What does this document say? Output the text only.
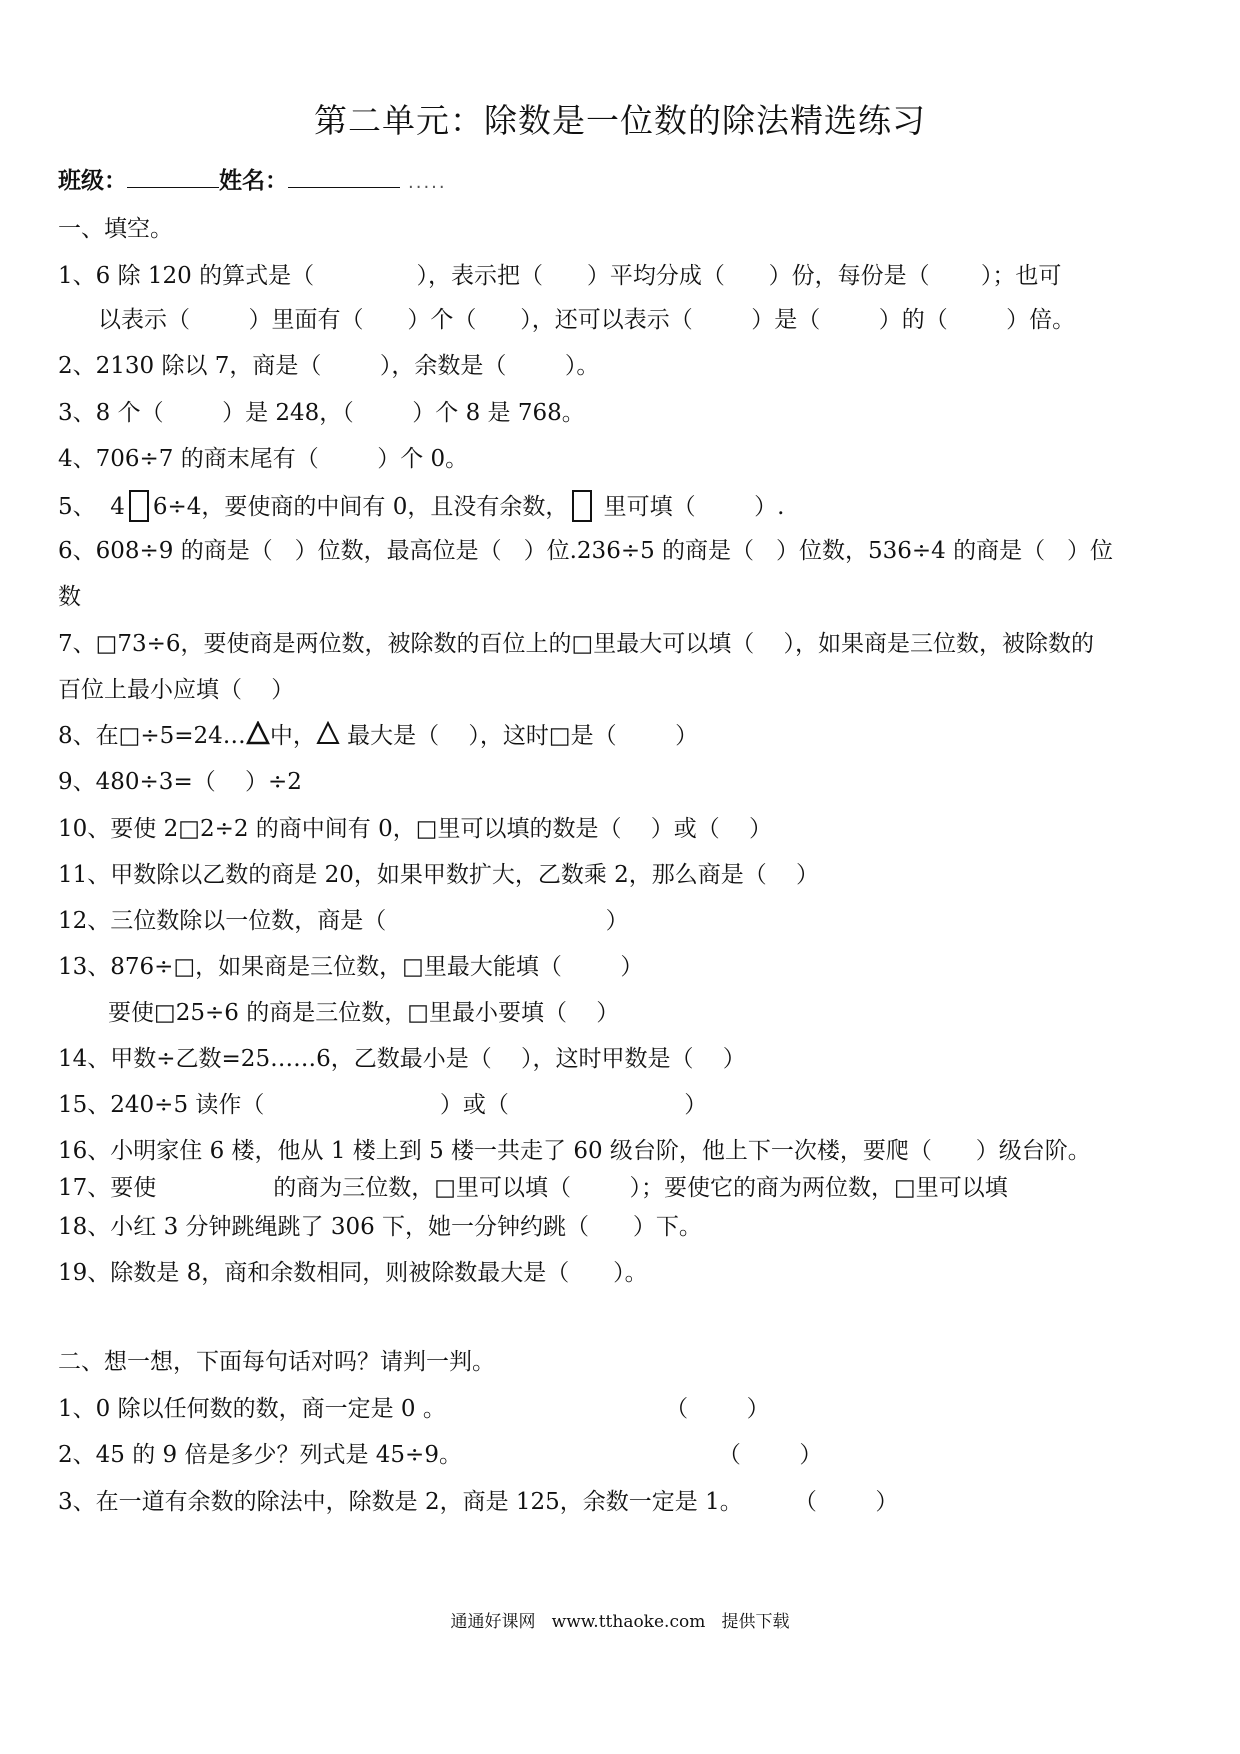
第二单元：除数是一位数的除法精选练习
班级：	姓名：	.....
一、填空。
1、6 除 120 的算式是（              ），表示把（      ）平均分成（      ）份，每份是（       ）；也可
以表示（        ）里面有（      ）个（      ），还可以表示（        ）是（        ）的（        ）倍。
2、2130 除以 7，商是（        ），余数是（        ）。
3、8 个（        ）是 248，（        ）个 8 是 768。
4、706÷7 的商末尾有（        ）个 0。
5、  4 6÷4，要使商的中间有 0，且没有余数， 里可填（        ）.
6、608÷9 的商是（   ）位数，最高位是（   ）位.236÷5 的商是（   ）位数，536÷4 的商是（   ）位
数
7、□73÷6，要使商是两位数，被除数的百位上的□里最大可以填（    ），如果商是三位数，被除数的
百位上最小应填（    ）
8、在□÷5=24… 中， 最大是（    ），这时□是（        ）
9、480÷3=（    ）÷2
10、要使 2□2÷2 的商中间有 0，□里可以填的数是（    ）或（    ）
11、甲数除以乙数的商是 20，如果甲数扩大，乙数乘 2，那么商是（    ）
12、三位数除以一位数，商是（                              ）
13、876÷□，如果商是三位数，□里最大能填（        ）
要使□25÷6 的商是三位数，□里最小要填（    ）
14、甲数÷乙数=25……6，乙数最小是（    ），这时甲数是（    ）
15、240÷5 读作（                        ）或（                        ）
16、小明家住 6 楼，他从 1 楼上到 5 楼一共走了 60 级台阶，他上下一次楼，要爬（      ）级台阶。
17、要使                的商为三位数，□里可以填（        ）；要使它的商为两位数，□里可以填
18、小红 3 分钟跳绳跳了 306 下，她一分钟约跳（      ）下。
19、除数是 8，商和余数相同，则被除数最大是（      ）。
二、想一想，下面每句话对吗？请判一判。
1、0 除以任何数的数，商一定是 0 。                              （        ）
2、45 的 9 倍是多少？列式是 45÷9。                                   （        ）
3、在一道有余数的除法中，除数是 2，商是 125，余数一定是 1。       （        ）
通通好课网   www.tthaoke.com   提供下载
